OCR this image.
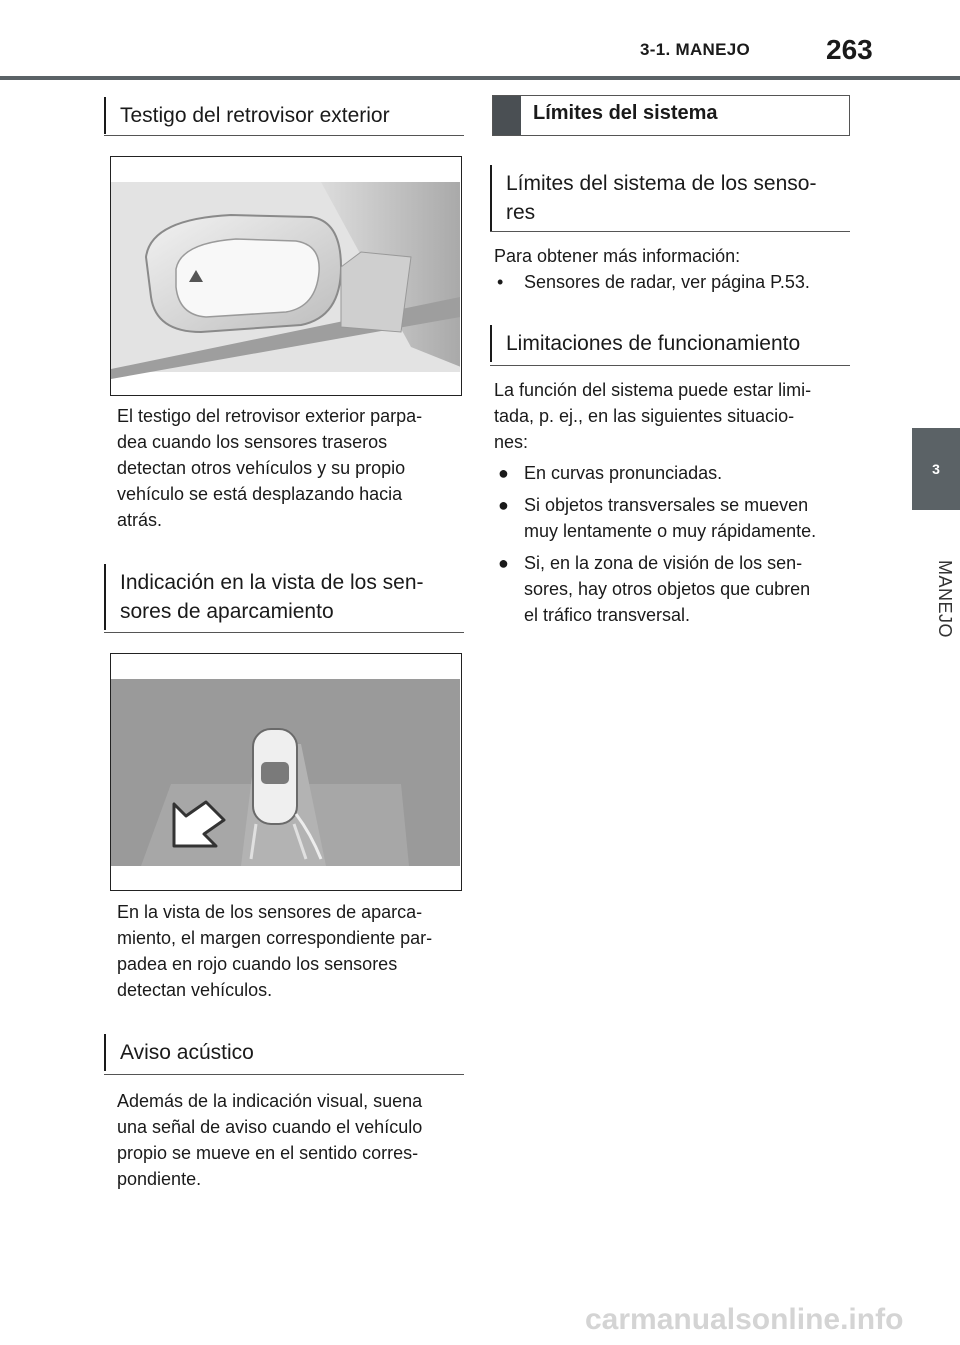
3-1. MANEJO	263
3
MANEJO
Testigo del retrovisor exterior
El testigo del retrovisor exterior parpa-
dea cuando los sensores traseros
detectan otros vehículos y su propio
vehículo se está desplazando hacia
atrás.
Indicación en la vista de los sen-
sores de aparcamiento
En la vista de los sensores de aparca-
miento, el margen correspondiente par-
padea en rojo cuando los sensores
detectan vehículos.
Aviso acústico
Además de la indicación visual, suena
una señal de aviso cuando el vehículo
propio se mueve en el sentido corres-
pondiente.
Límites del sistema
Límites del sistema de los senso-
res
Para obtener más información:
•	Sensores de radar, ver página P.53.
Limitaciones de funcionamiento
La función del sistema puede estar limi-
tada, p. ej., en las siguientes situacio-
nes:
● En curvas pronunciadas.
● Si objetos transversales se mueven
muy lentamente o muy rápidamente.
● Si, en la zona de visión de los sen-
sores, hay otros objetos que cubren
el tráfico transversal.
carmanualsonline.info
